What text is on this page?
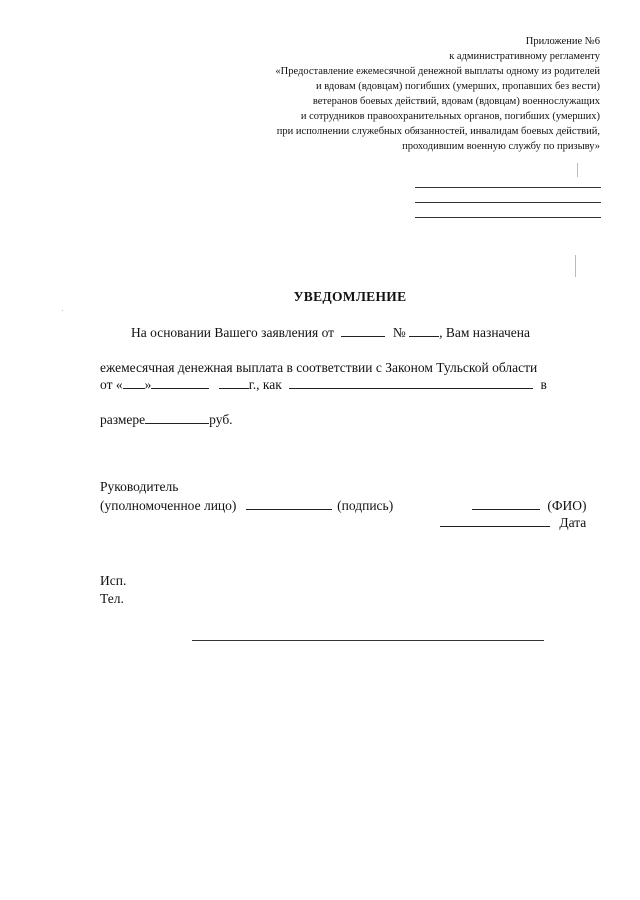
Приложение №6
к административному регламенту
«Предоставление ежемесячной денежной выплаты одному из родителей
и вдовам (вдовцам) погибших (умерших, пропавших без вести)
ветеранов боевых действий, вдовам (вдовцам) военнослужащих
и сотрудников правоохранительных органов, погибших (умерших)
при исполнении служебных обязанностей, инвалидам боевых действий,
проходившим военную службу по призыву»
УВЕДОМЛЕНИЕ
На основании Вашего заявления от	№ , Вам назначена
ежемесячная денежная выплата в соответствии с Законом Тульской области
от « »	г., как	в
размере	руб.
Руководитель
(уполномоченное лицо)	(подпись)	(ФИО)
Дата
Исп.
Тел.
